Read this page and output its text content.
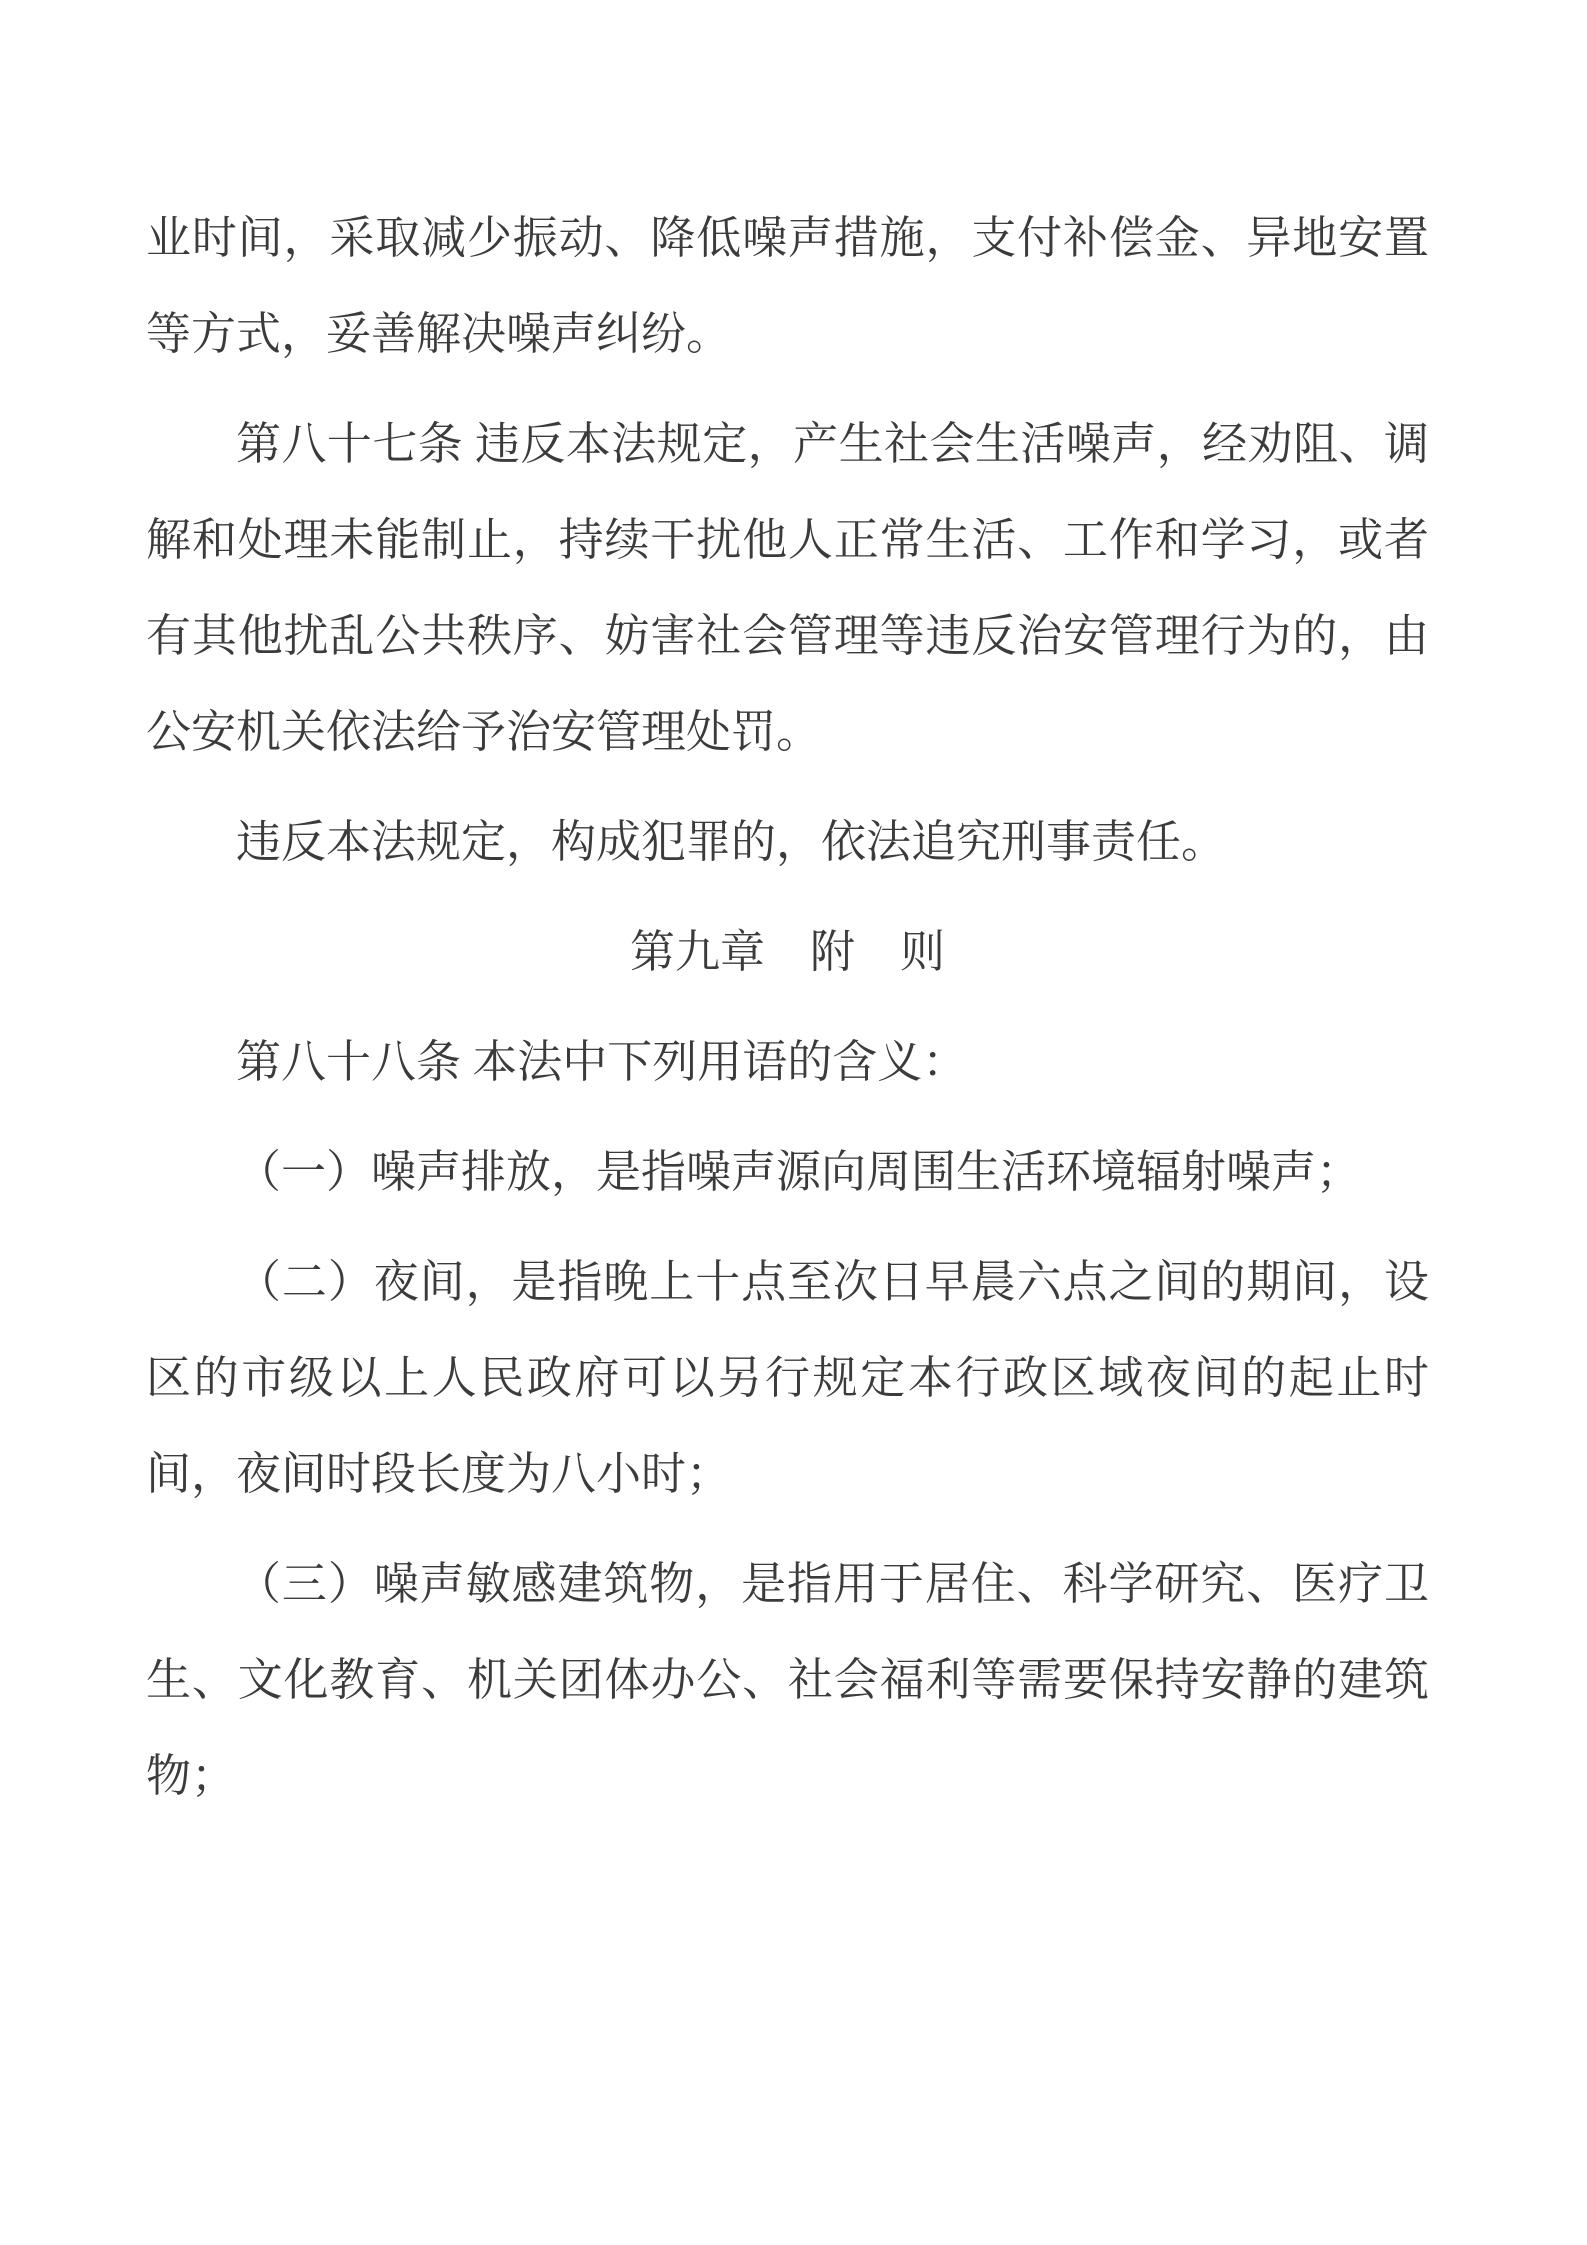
业时间，采取减少振动、降低噪声措施，支付补偿金、异地安置等方式，妥善解决噪声纠纷。

第八十七条 违反本法规定，产生社会生活噪声，经劝阻、调解和处理未能制止，持续干扰他人正常生活、工作和学习，或者有其他扰乱公共秩序、妨害社会管理等违反治安管理行为的，由公安机关依法给予治安管理处罚。

违反本法规定，构成犯罪的，依法追究刑事责任。

第九章　附　则

第八十八条 本法中下列用语的含义：

（一）噪声排放，是指噪声源向周围生活环境辐射噪声；

（二）夜间，是指晚上十点至次日早晨六点之间的期间，设区的市级以上人民政府可以另行规定本行政区域夜间的起止时间，夜间时段长度为八小时；

（三）噪声敏感建筑物，是指用于居住、科学研究、医疗卫生、文化教育、机关团体办公、社会福利等需要保持安静的建筑物；
